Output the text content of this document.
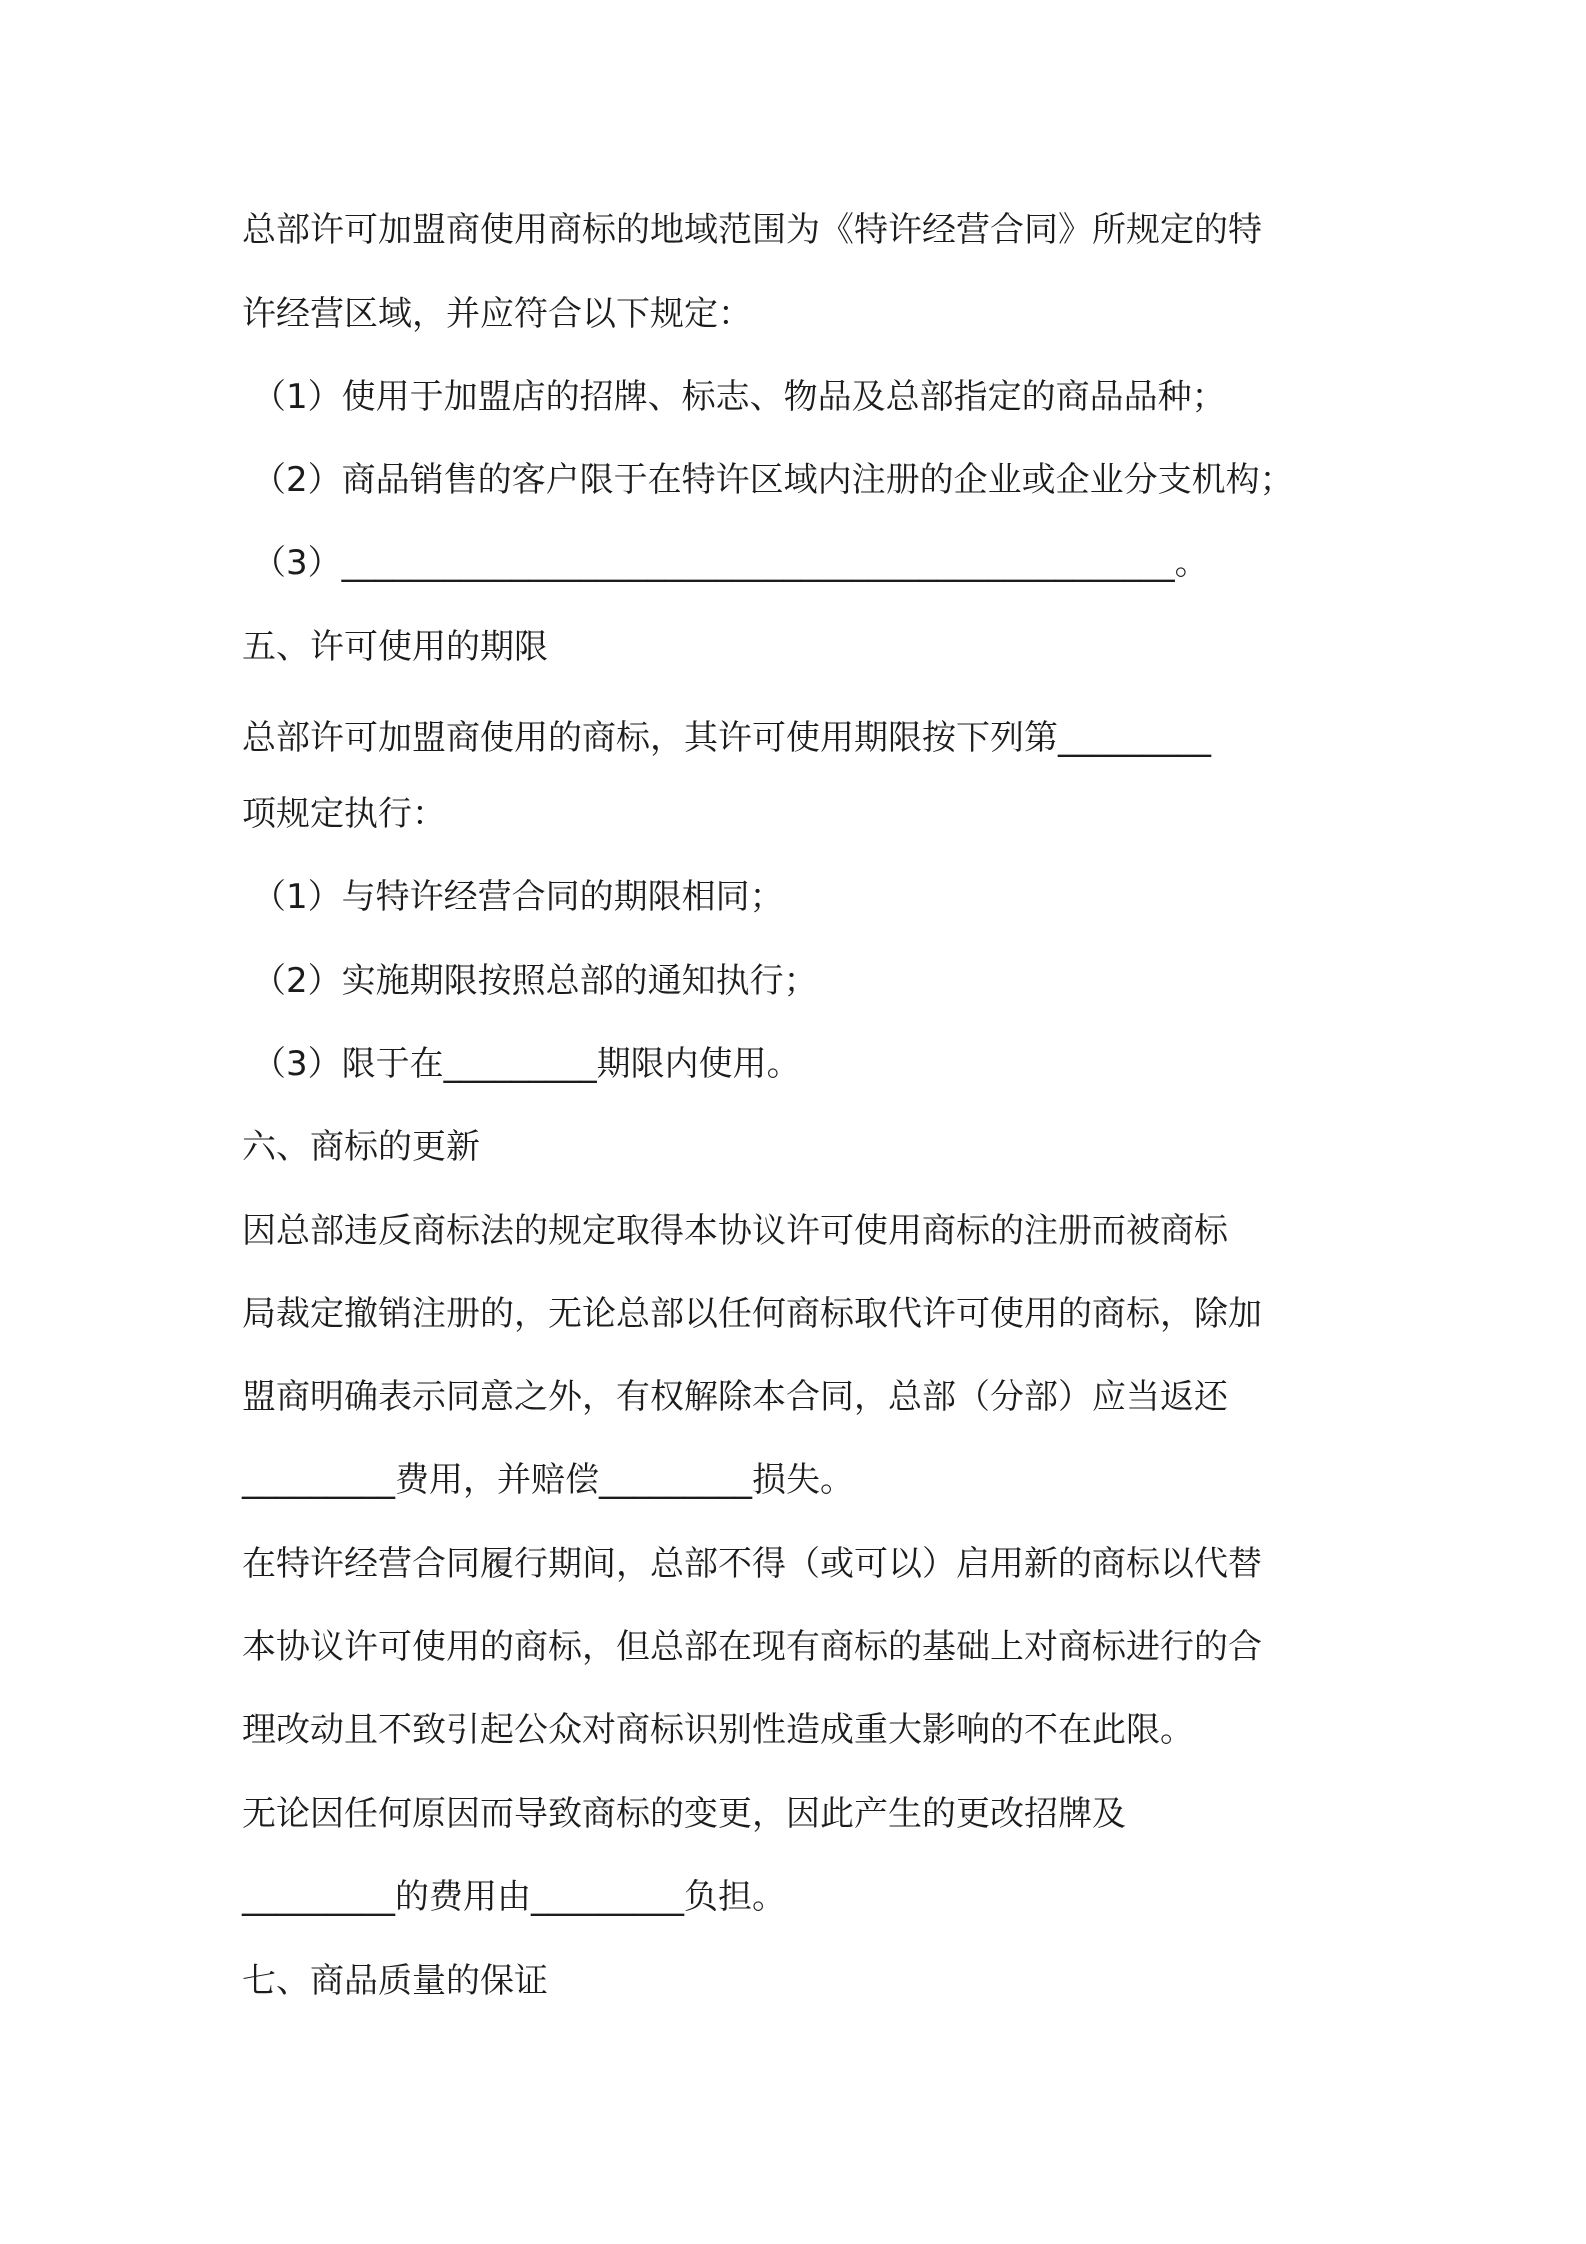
总部许可加盟商使用商标的地域范围为《特许经营合同》所规定的特

许经营区域，并应符合以下规定：

（1）使用于加盟店的招牌、标志、物品及总部指定的商品品种；

（2）商品销售的客户限于在特许区域内注册的企业或企业分支机构；

（3）_________________________________________________。

五、许可使用的期限

总部许可加盟商使用的商标，其许可使用期限按下列第_________

项规定执行：

（1）与特许经营合同的期限相同；

（2）实施期限按照总部的通知执行；

（3）限于在_________期限内使用。

六、商标的更新

因总部违反商标法的规定取得本协议许可使用商标的注册而被商标

局裁定撤销注册的，无论总部以任何商标取代许可使用的商标，除加

盟商明确表示同意之外，有权解除本合同，总部（分部）应当返还

_________费用，并赔偿_________损失。

在特许经营合同履行期间，总部不得（或可以）启用新的商标以代替

本协议许可使用的商标，但总部在现有商标的基础上对商标进行的合

理改动且不致引起公众对商标识别性造成重大影响的不在此限。

无论因任何原因而导致商标的变更，因此产生的更改招牌及

_________的费用由_________负担。

七、商品质量的保证
